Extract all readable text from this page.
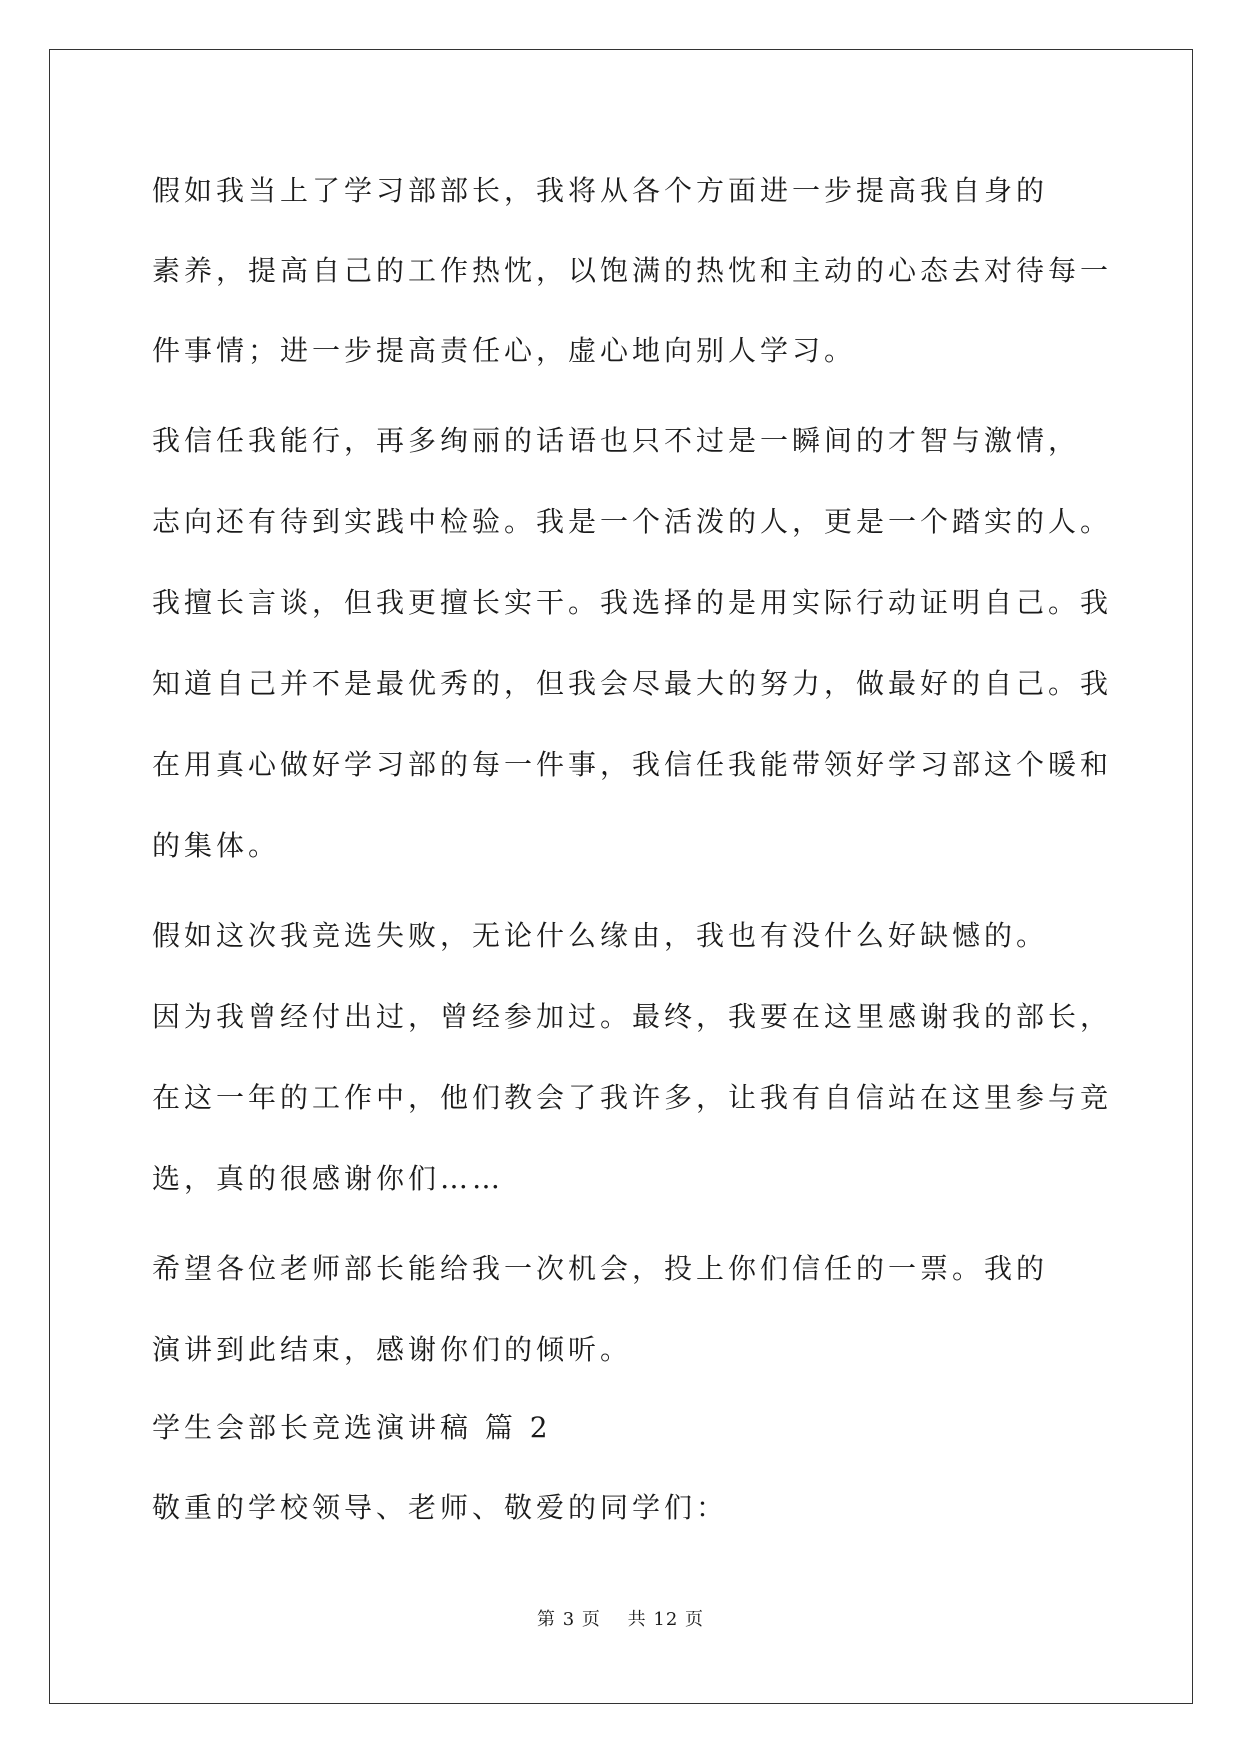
假如我当上了学习部部长，我将从各个方面进一步提高我自身的
素养，提高自己的工作热忱，以饱满的热忱和主动的心态去对待每一
件事情；进一步提高责任心，虚心地向别人学习。
我信任我能行，再多绚丽的话语也只不过是一瞬间的才智与激情，
志向还有待到实践中检验。我是一个活泼的人，更是一个踏实的人。
我擅长言谈，但我更擅长实干。我选择的是用实际行动证明自己。我
知道自己并不是最优秀的，但我会尽最大的努力，做最好的自己。我
在用真心做好学习部的每一件事，我信任我能带领好学习部这个暖和
的集体。
假如这次我竞选失败，无论什么缘由，我也有没什么好缺憾的。
因为我曾经付出过，曾经参加过。最终，我要在这里感谢我的部长，
在这一年的工作中，他们教会了我许多，让我有自信站在这里参与竞
选，真的很感谢你们……
希望各位老师部长能给我一次机会，投上你们信任的一票。我的
演讲到此结束，感谢你们的倾听。
学生会部长竞选演讲稿 篇 2
敬重的学校领导、老师、敬爱的同学们：
第 3 页 共 12 页
